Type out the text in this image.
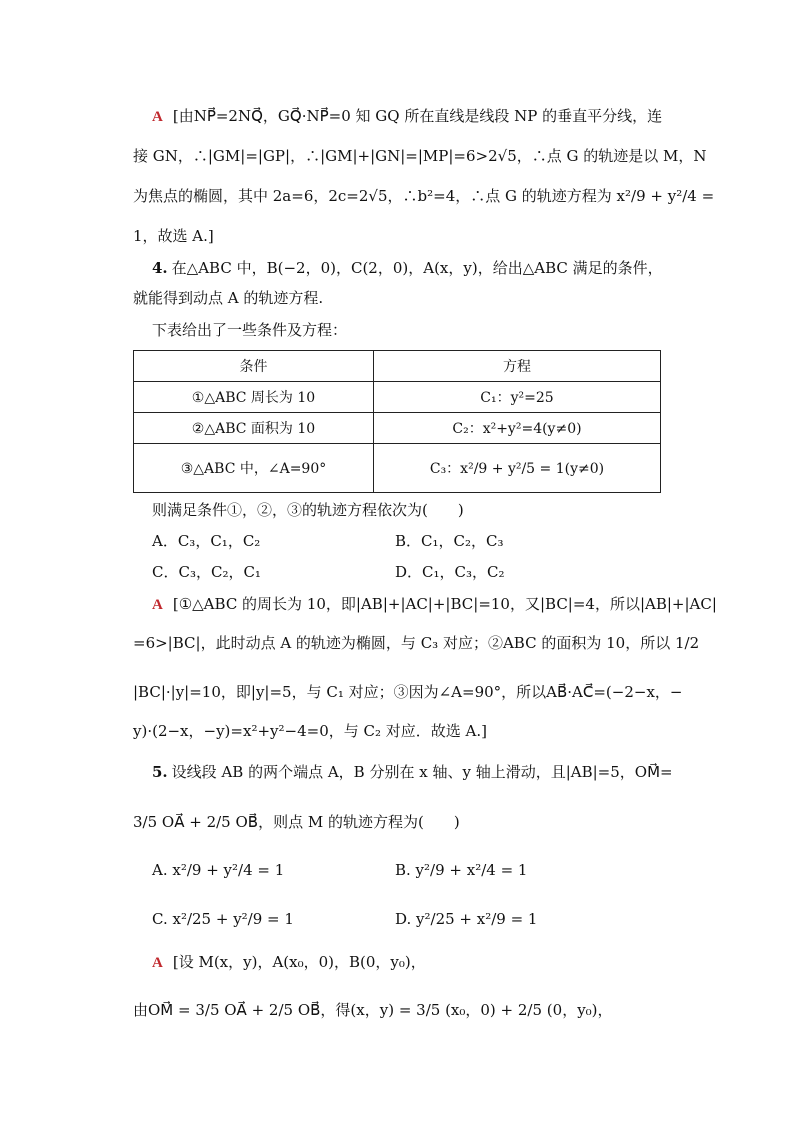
A [由NP⃗=2NQ⃗，GQ⃗·NP⃗=0 知 GQ 所在直线是线段 NP 的垂直平分线，连
接 GN，∴|GM|=|GP|，∴|GM|+|GN|=|MP|=6>2√5，∴点 G 的轨迹是以 M，N
为焦点的椭圆，其中 2a=6，2c=2√5，∴b²=4，∴点 G 的轨迹方程为 x²/9 + y²/4 =
1，故选 A.]
4. 在△ABC 中，B(−2，0)，C(2，0)，A(x，y)，给出△ABC 满足的条件，
就能得到动点 A 的轨迹方程.
下表给出了一些条件及方程：
条件	方程
①△ABC 周长为 10	C₁：y²=25
②△ABC 面积为 10	C₂：x²+y²=4(y≠0)
③△ABC 中，∠A=90°	C₃：x²/9 + y²/5 = 1(y≠0)
则满足条件①，②，③的轨迹方程依次为(　　)
A．C₃，C₁，C₂	B．C₁，C₂，C₃
C．C₃，C₂，C₁	D．C₁，C₃，C₂
A [①△ABC 的周长为 10，即|AB|+|AC|+|BC|=10，又|BC|=4，所以|AB|+|AC|
=6>|BC|，此时动点 A 的轨迹为椭圆，与 C₃ 对应；②ABC 的面积为 10，所以 1/2
|BC|·|y|=10，即|y|=5，与 C₁ 对应；③因为∠A=90°，所以AB⃗·AC⃗=(−2−x，−
y)·(2−x，−y)=x²+y²−4=0，与 C₂ 对应．故选 A.]
5. 设线段 AB 的两个端点 A，B 分别在 x 轴、y 轴上滑动，且|AB|=5，OM⃗=
3/5 OA⃗ + 2/5 OB⃗，则点 M 的轨迹方程为(　　)
A. x²/9 + y²/4 = 1	B. y²/9 + x²/4 = 1
C. x²/25 + y²/9 = 1	D. y²/25 + x²/9 = 1
A [设 M(x，y)，A(x₀，0)，B(0，y₀)，
由OM⃗ = 3/5 OA⃗ + 2/5 OB⃗，得(x，y) = 3/5 (x₀，0) + 2/5 (0，y₀)，
